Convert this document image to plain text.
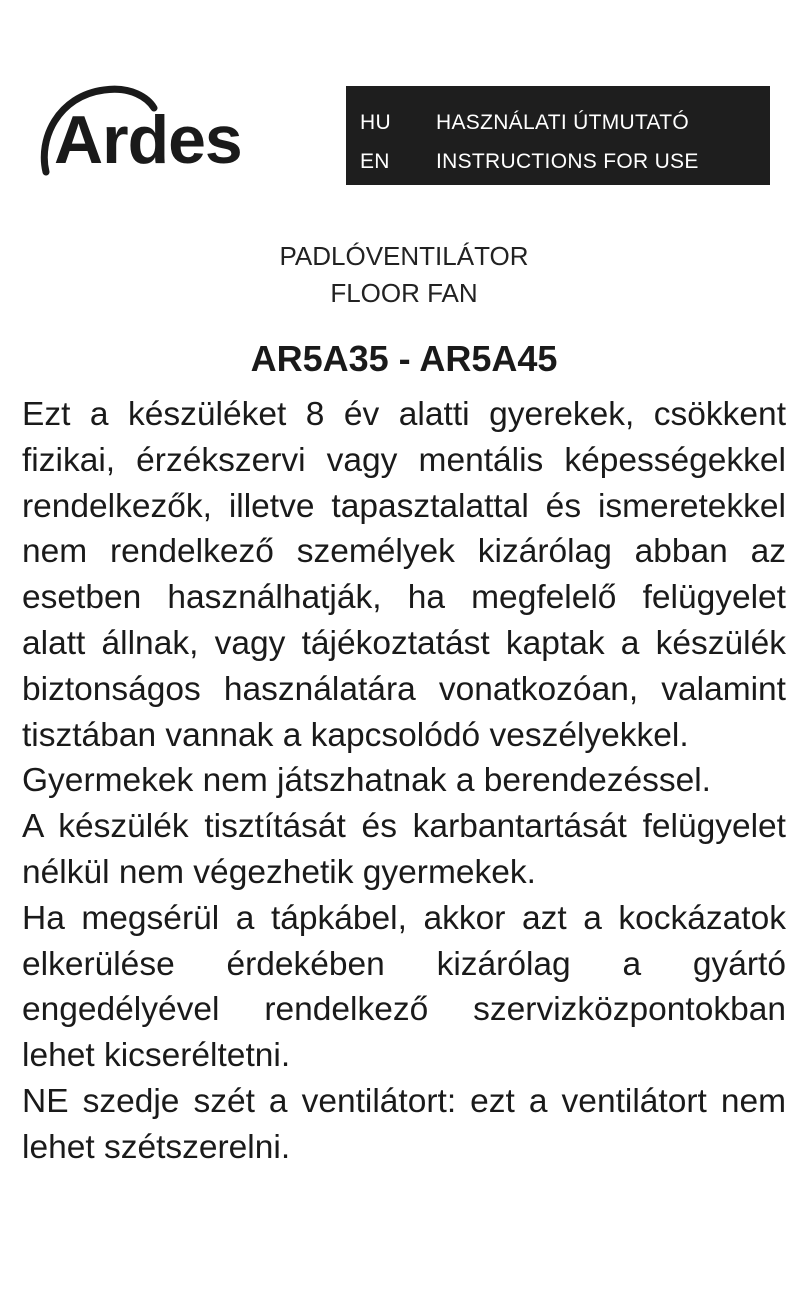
Ardes	HU	HASZNÁLATI ÚTMUTATÓ
EN	INSTRUCTIONS FOR USE
PADLÓVENTILÁTOR
FLOOR FAN
AR5A35 - AR5A45

Ezt a készüléket 8 év alatti gyerekek, csökkent fizikai, érzékszervi vagy mentális képességekkel rendelkezők, illetve tapasztalattal és ismeretekkel nem rendelkező személyek kizárólag abban az esetben használhatják, ha megfelelő felügyelet alatt állnak, vagy tájékoztatást kaptak a készülék biztonságos használatára vonatkozóan, valamint tisztában vannak a kapcsolódó veszélyekkel.

Gyermekek nem játszhatnak a berendezéssel.

A készülék tisztítását és karbantartását felügyelet nélkül nem végezhetik gyermekek.

Ha megsérül a tápkábel, akkor azt a kockázatok elkerülése érdekében kizárólag a gyártó engedélyével rendelkező szervizközpontokban lehet kicseréltetni.

NE szedje szét a ventilátort: ezt a ventilátort nem lehet szétszerelni.
